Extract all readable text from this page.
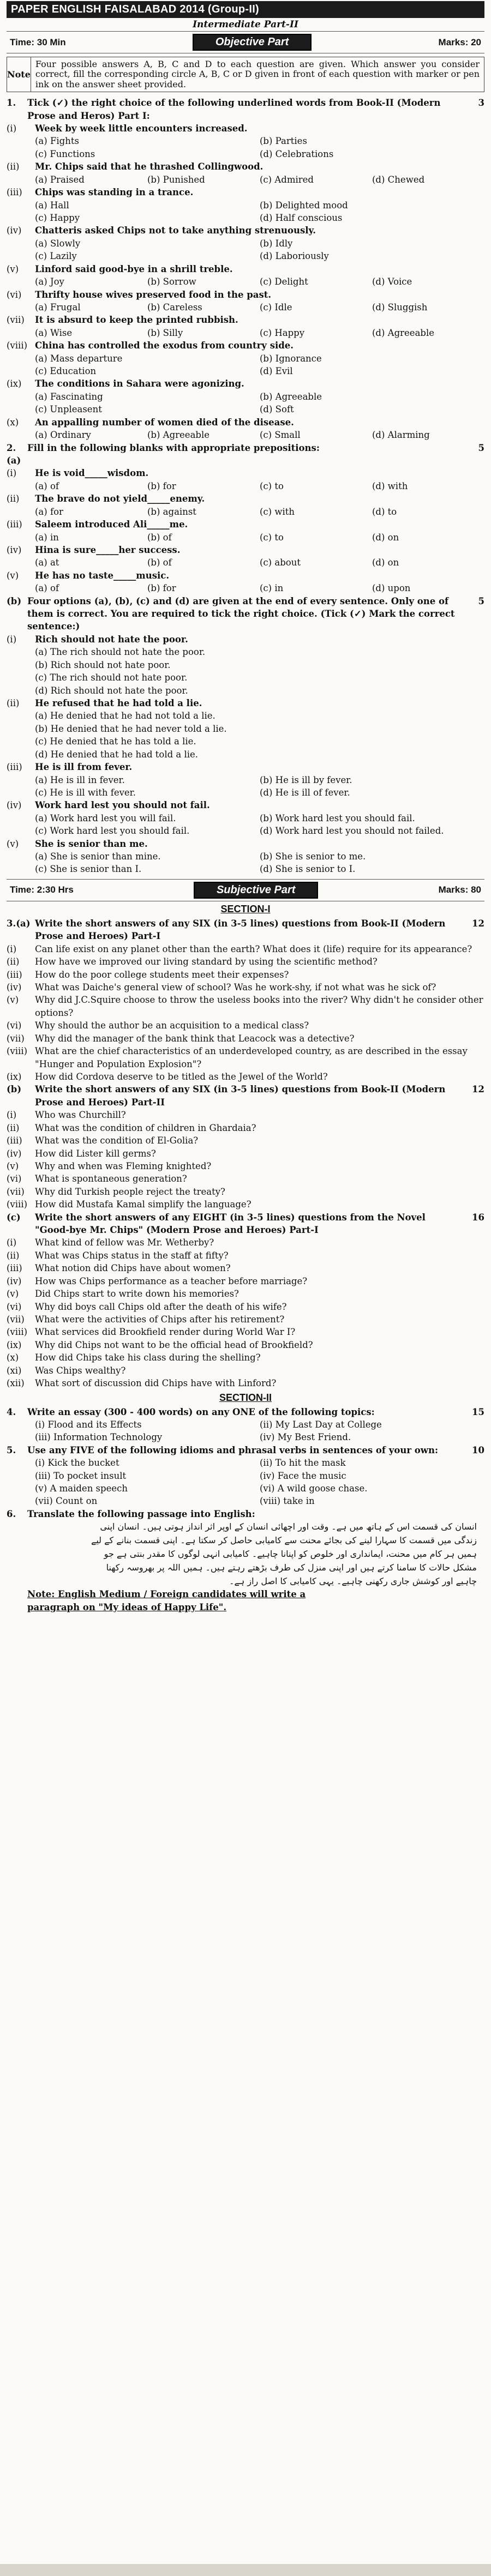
PAPER ENGLISH FAISALABAD 2014 (Group-II)
Intermediate Part-II
Time: 30 Min	Objective Part	Marks: 20
Note
Four possible answers A, B, C and D to each question are given. Which answer you consider correct, fill the corresponding circle A, B, C or D given in front of each question with marker or pen ink on the answer sheet provided.
1.	Tick (✓) the right choice of the following underlined words from Book-II (Modern Prose and Heros) Part I:
3
(i)	Week by week little encounters increased.
(a) Fights	(b) Parties
(c) Functions	(d) Celebrations
(ii)	Mr. Chips said that he thrashed Collingwood.
(a) Praised	(b) Punished	(c) Admired	(d) Chewed
(iii)	Chips was standing in a trance.
(a) Hall	(b) Delighted mood
(c) Happy	(d) Half conscious
(iv)	Chatteris asked Chips not to take anything strenuously.
(a) Slowly	(b) Idly
(c) Lazily	(d) Laboriously
(v)	Linford said good-bye in a shrill treble.
(a) Joy	(b) Sorrow	(c) Delight	(d) Voice
(vi)	Thrifty house wives preserved food in the past.
(a) Frugal	(b) Careless	(c) Idle	(d) Sluggish
(vii)	It is absurd to keep the printed rubbish.
(a) Wise	(b) Silly	(c) Happy	(d) Agreeable
(viii) China has controlled the exodus from country side.
(a) Mass departure	(b) Ignorance
(c) Education	(d) Evil
(ix)	The conditions in Sahara were agonizing.
(a) Fascinating	(b) Agreeable
(c) Unpleasent	(d) Soft
(x)	An appalling number of women died of the disease.
(a) Ordinary	(b) Agreeable	(c) Small	(d) Alarming
2.(a)
Fill in the following blanks with appropriate prepositions:	5
(i)	He is void_____wisdom.
(a) of	(b) for	(c) to	(d) with
(ii)	The brave do not yield_____enemy.
(a) for	(b) against	(c) with	(d) to
(iii)	Saleem introduced Ali_____me.
(a) in	(b) of	(c) to	(d) on
(iv)	Hina is sure_____her success.
(a) at	(b) of	(c) about	(d) on
(v)	He has no taste_____music.
(a) of	(b) for	(c) in	(d) upon
(b) Four options (a), (b), (c) and (d) are given at the end of every sentence. Only one of them is correct. You are required to tick the right choice. (Tick (✓) Mark the correct sentence:)
5
(i)	Rich should not hate the poor.
(a) The rich should not hate the poor.
(b) Rich should not hate poor.
(c) The rich should not hate poor.
(d) Rich should not hate the poor.
(ii)	He refused that he had told a lie.
(a) He denied that he had not told a lie.
(b) He denied that he had never told a lie.
(c) He denied that he has told a lie.
(d) He denied that he had told a lie.
(iii)	He is ill from fever.
(a) He is ill in fever.	(b) He is ill by fever.
(c) He is ill with fever.	(d) He is ill of fever.
(iv)	Work hard lest you should not fail.
(a) Work hard lest you will fail.	(b) Work hard lest you should fail.
(c) Work hard lest you should fail.	(d) Work hard lest you should not failed.
(v)	She is senior than me.
(a) She is senior than mine.	(b) She is senior to me.
(c) She is senior than I.	(d) She is senior to I.
Time: 2:30 Hrs	Subjective Part	Marks: 80
SECTION-I
3.(a) Write the short answers of any SIX (in 3-5 lines) questions from Book-II (Modern Prose and Heroes) Part-I
12
(i)	Can life exist on any planet other than the earth? What does it (life) require for its appearance?
(ii)	How have we improved our living standard by using the scientific method?
(iii)	How do the poor college students meet their expenses?
(iv)	What was Daiche's general view of school? Was he work-shy, if not what was he sick of?
(v)	Why did J.C.Squire choose to throw the useless books into the river? Why didn't he consider other options?
(vi)	Why should the author be an acquisition to a medical class?
(vii)	Why did the manager of the bank think that Leacock was a detective?
(viii) What are the chief characteristics of an underdeveloped country, as are described in the essay "Hunger and Population Explosion"?
(ix)	How did Cordova deserve to be titled as the Jewel of the World?
(b)	Write the short answers of any SIX (in 3-5 lines) questions from Book-II (Modern Prose and Heroes) Part-II
12
(i)	Who was Churchill?
(ii)	What was the condition of children in Ghardaia?
(iii)	What was the condition of El-Golia?
(iv)	How did Lister kill germs?
(v)	Why and when was Fleming knighted?
(vi)	What is spontaneous generation?
(vii)	Why did Turkish people reject the treaty?
(viii) How did Mustafa Kamal simplify the language?
(c)	Write the short answers of any EIGHT (in 3-5 lines) questions from the Novel "Good-bye Mr. Chips" (Modern Prose and Heroes) Part-I
16
(i)	What kind of fellow was Mr. Wetherby?
(ii)	What was Chips status in the staff at fifty?
(iii)	What notion did Chips have about women?
(iv)	How was Chips performance as a teacher before marriage?
(v)	Did Chips start to write down his memories?
(vi)	Why did boys call Chips old after the death of his wife?
(vii)	What were the activities of Chips after his retirement?
(viii) What services did Brookfield render during World War I?
(ix)	Why did Chips not want to be the official head of Brookfield?
(x)	How did Chips take his class during the shelling?
(xi)	Was Chips wealthy?
(xii)	What sort of discussion did Chips have with Linford?
SECTION-II
4.	Write an essay (300 - 400 words) on any ONE of the following topics:	15
(i) Flood and its Effects	(ii) My Last Day at College
(iii) Information Technology	(iv) My Best Friend.
5.	Use any FIVE of the following idioms and phrasal verbs in sentences of your own:	10
(i) Kick the bucket	(ii) To hit the mask
(iii) To pocket insult	(iv) Face the music
(v) A maiden speech	(vi) A wild goose chase.
(vii) Count on	(viii) take in
6.	Translate the following passage into English:
انسان کی قسمت اس کے ہاتھ میں ہے۔ وقت اور اچھائی انسان کے اوپر اثر انداز ہوتی ہیں۔ انسان اپنی
زندگی میں قسمت کا سہارا لینے کی بجائے محنت سے کامیابی حاصل کر سکتا ہے۔ اپنی قسمت بنانے کے لیے
ہمیں ہر کام میں محنت، ایمانداری اور خلوص کو اپنانا چاہیے۔ کامیابی انہی لوگوں کا مقدر بنتی ہے جو
مشکل حالات کا سامنا کرتے ہیں اور اپنی منزل کی طرف بڑھتے رہتے ہیں۔ ہمیں اللہ پر بھروسہ رکھنا
چاہیے اور کوشش جاری رکھنی چاہیے۔ یہی کامیابی کا اصل راز ہے۔
Note: English Medium / Foreign candidates will write a
paragraph on "My ideas of Happy Life".
